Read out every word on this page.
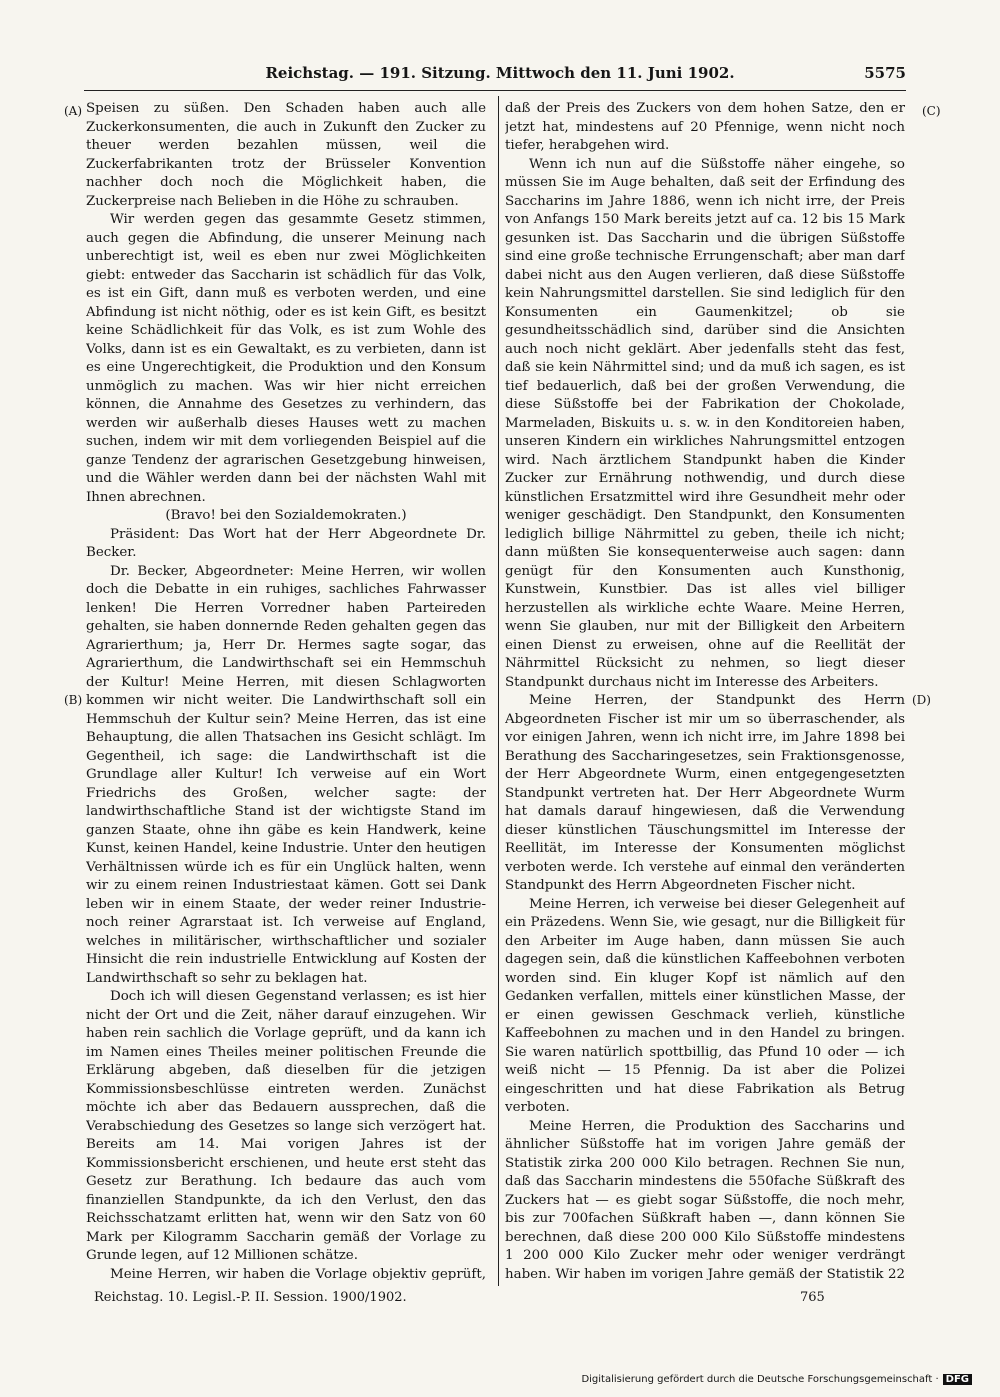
Reichstag. — 191. Sitzung. Mittwoch den 11. Juni 1902.	5575
(A)	(C)
(B)	(D)

Speisen zu süßen. Den Schaden haben auch alle Zuckerkonsumenten, die auch in Zukunft den Zucker zu theuer werden bezahlen müssen, weil die Zuckerfabrikanten trotz der Brüsseler Konvention nachher doch noch die Möglichkeit haben, die Zuckerpreise nach Belieben in die Höhe zu schrauben.

Wir werden gegen das gesammte Gesetz stimmen, auch gegen die Abfindung, die unserer Meinung nach unberechtigt ist, weil es eben nur zwei Möglichkeiten giebt: entweder das Saccharin ist schädlich für das Volk, es ist ein Gift, dann muß es verboten werden, und eine Abfindung ist nicht nöthig, oder es ist kein Gift, es besitzt keine Schädlichkeit für das Volk, es ist zum Wohle des Volks, dann ist es ein Gewaltakt, es zu verbieten, dann ist es eine Ungerechtigkeit, die Produktion und den Konsum unmöglich zu machen. Was wir hier nicht erreichen können, die Annahme des Gesetzes zu verhindern, das werden wir außerhalb dieses Hauses wett zu machen suchen, indem wir mit dem vorliegenden Beispiel auf die ganze Tendenz der agrarischen Gesetzgebung hinweisen, und die Wähler werden dann bei der nächsten Wahl mit Ihnen abrechnen.

(Bravo! bei den Sozialdemokraten.)

Präsident: Das Wort hat der Herr Abgeordnete Dr. Becker.

Dr. Becker, Abgeordneter: Meine Herren, wir wollen doch die Debatte in ein ruhiges, sachliches Fahrwasser lenken! Die Herren Vorredner haben Parteireden gehalten, sie haben donnernde Reden gehalten gegen das Agrarierthum; ja, Herr Dr. Hermes sagte sogar, das Agrarierthum, die Landwirthschaft sei ein Hemmschuh der Kultur! Meine Herren, mit diesen Schlagworten kommen wir nicht weiter. Die Landwirthschaft soll ein Hemmschuh der Kultur sein? Meine Herren, das ist eine Behauptung, die allen Thatsachen ins Gesicht schlägt. Im Gegentheil, ich sage: die Landwirthschaft ist die Grundlage aller Kultur! Ich verweise auf ein Wort Friedrichs des Großen, welcher sagte: der landwirthschaftliche Stand ist der wichtigste Stand im ganzen Staate, ohne ihn gäbe es kein Handwerk, keine Kunst, keinen Handel, keine Industrie. Unter den heutigen Verhältnissen würde ich es für ein Unglück halten, wenn wir zu einem reinen Industriestaat kämen. Gott sei Dank leben wir in einem Staate, der weder reiner Industrie- noch reiner Agrarstaat ist. Ich verweise auf England, welches in militärischer, wirthschaftlicher und sozialer Hinsicht die rein industrielle Entwicklung auf Kosten der Landwirthschaft so sehr zu beklagen hat.

Doch ich will diesen Gegenstand verlassen; es ist hier nicht der Ort und die Zeit, näher darauf einzugehen. Wir haben rein sachlich die Vorlage geprüft, und da kann ich im Namen eines Theiles meiner politischen Freunde die Erklärung abgeben, daß dieselben für die jetzigen Kommissionsbeschlüsse eintreten werden. Zunächst möchte ich aber das Bedauern aussprechen, daß die Verabschiedung des Gesetzes so lange sich verzögert hat. Bereits am 14. Mai vorigen Jahres ist der Kommissionsbericht erschienen, und heute erst steht das Gesetz zur Berathung. Ich bedaure das auch vom finanziellen Standpunkte, da ich den Verlust, den das Reichsschatzamt erlitten hat, wenn wir den Satz von 60 Mark per Kilogramm Saccharin gemäß der Vorlage zu Grunde legen, auf 12 Millionen schätze.

Meine Herren, wir haben die Vorlage objektiv geprüft,

daß der Preis des Zuckers von dem hohen Satze, den er jetzt hat, mindestens auf 20 Pfennige, wenn nicht noch tiefer, herabgehen wird.

Wenn ich nun auf die Süßstoffe näher eingehe, so müssen Sie im Auge behalten, daß seit der Erfindung des Saccharins im Jahre 1886, wenn ich nicht irre, der Preis von Anfangs 150 Mark bereits jetzt auf ca. 12 bis 15 Mark gesunken ist. Das Saccharin und die übrigen Süßstoffe sind eine große technische Errungenschaft; aber man darf dabei nicht aus den Augen verlieren, daß diese Süßstoffe kein Nahrungsmittel darstellen. Sie sind lediglich für den Konsumenten ein Gaumenkitzel; ob sie gesundheitsschädlich sind, darüber sind die Ansichten auch noch nicht geklärt. Aber jedenfalls steht das fest, daß sie kein Nährmittel sind; und da muß ich sagen, es ist tief bedauerlich, daß bei der großen Verwendung, die diese Süßstoffe bei der Fabrikation der Chokolade, Marmeladen, Biskuits u. s. w. in den Konditoreien haben, unseren Kindern ein wirkliches Nahrungsmittel entzogen wird. Nach ärztlichem Standpunkt haben die Kinder Zucker zur Ernährung nothwendig, und durch diese künstlichen Ersatzmittel wird ihre Gesundheit mehr oder weniger geschädigt. Den Standpunkt, den Konsumenten lediglich billige Nährmittel zu geben, theile ich nicht; dann müßten Sie konsequenterweise auch sagen: dann genügt für den Konsumenten auch Kunsthonig, Kunstwein, Kunstbier. Das ist alles viel billiger herzustellen als wirkliche echte Waare. Meine Herren, wenn Sie glauben, nur mit der Billigkeit den Arbeitern einen Dienst zu erweisen, ohne auf die Reellität der Nährmittel Rücksicht zu nehmen, so liegt dieser Standpunkt durchaus nicht im Interesse des Arbeiters.

Meine Herren, der Standpunkt des Herrn Abgeordneten Fischer ist mir um so überraschender, als vor einigen Jahren, wenn ich nicht irre, im Jahre 1898 bei Berathung des Saccharingesetzes, sein Fraktionsgenosse, der Herr Abgeordnete Wurm, einen entgegengesetzten Standpunkt vertreten hat. Der Herr Abgeordnete Wurm hat damals darauf hingewiesen, daß die Verwendung dieser künstlichen Täuschungsmittel im Interesse der Reellität, im Interesse der Konsumenten möglichst verboten werde. Ich verstehe auf einmal den veränderten Standpunkt des Herrn Abgeordneten Fischer nicht.

Meine Herren, ich verweise bei dieser Gelegenheit auf ein Präzedens. Wenn Sie, wie gesagt, nur die Billigkeit für den Arbeiter im Auge haben, dann müssen Sie auch dagegen sein, daß die künstlichen Kaffeebohnen verboten worden sind. Ein kluger Kopf ist nämlich auf den Gedanken verfallen, mittels einer künstlichen Masse, der er einen gewissen Geschmack verlieh, künstliche Kaffeebohnen zu machen und in den Handel zu bringen. Sie waren natürlich spottbillig, das Pfund 10 oder — ich weiß nicht — 15 Pfennig. Da ist aber die Polizei eingeschritten und hat diese Fabrikation als Betrug verboten.

Meine Herren, die Produktion des Saccharins und ähnlicher Süßstoffe hat im vorigen Jahre gemäß der Statistik zirka 200 000 Kilo betragen. Rechnen Sie nun, daß das Saccharin mindestens die 550fache Süßkraft des Zuckers hat — es giebt sogar Süßstoffe, die noch mehr, bis zur 700fachen Süßkraft haben —, dann können Sie berechnen, daß diese 200 000 Kilo Süßstoffe mindestens 1 200 000 Kilo Zucker mehr oder weniger verdrängt haben. Wir haben im vorigen Jahre gemäß der Statistik 22

Reichstag. 10. Legisl.-P. II. Session. 1900/1902.	765
Digitalisierung gefördert durch die Deutsche Forschungsgemeinschaft · DFG
